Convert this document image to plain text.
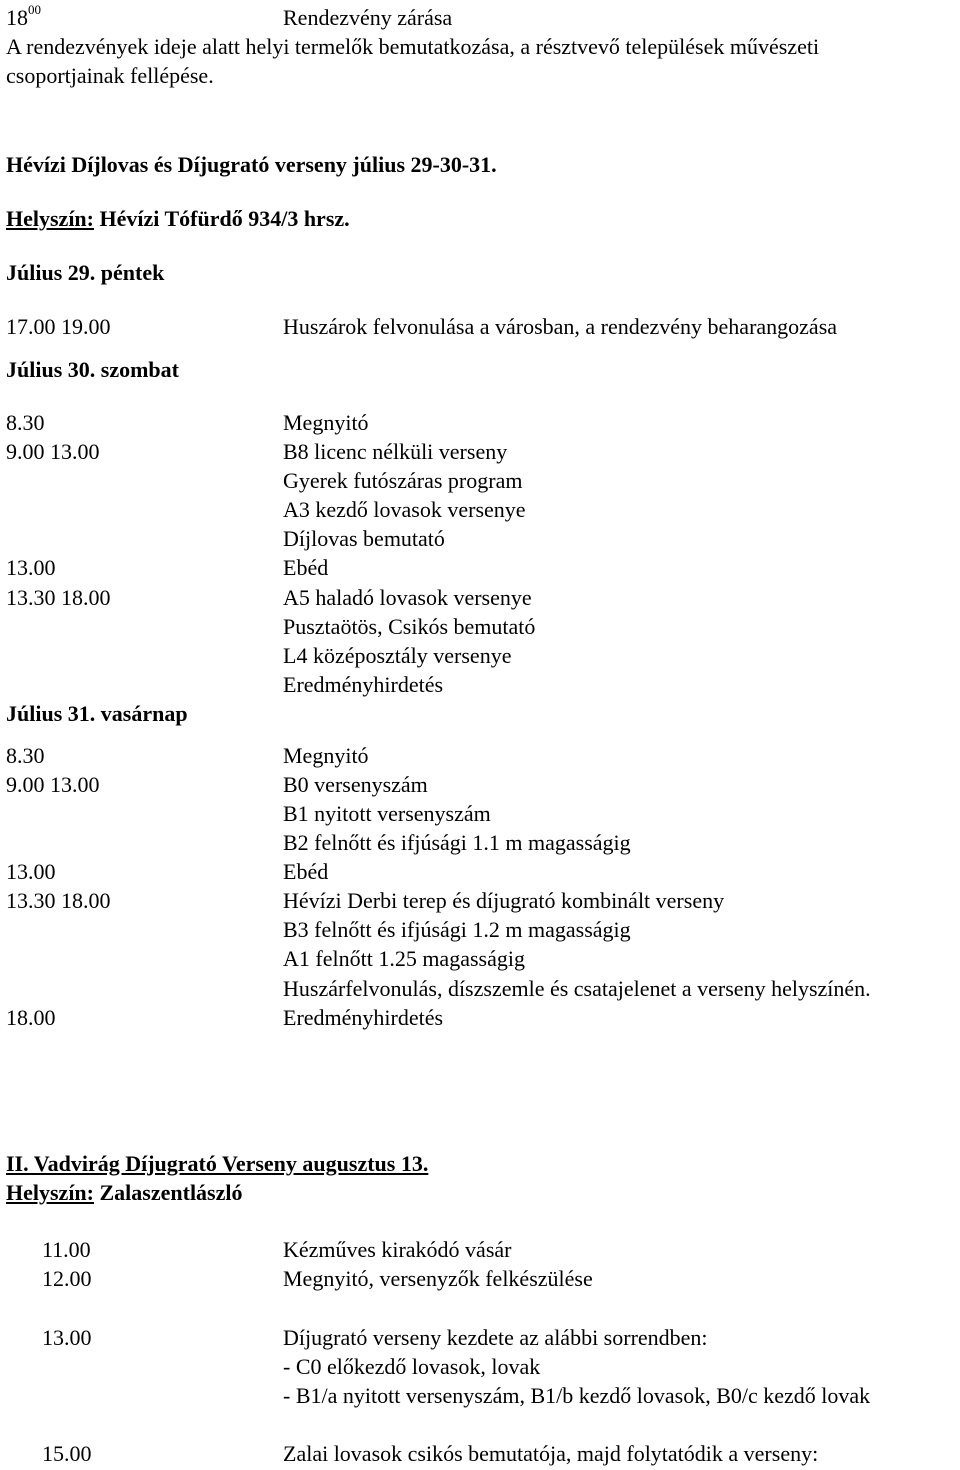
$18^{00}$	Rendezvény zárása
A rendezvények ideje alatt helyi termelők bemutatkozása, a résztvevő települések művészeti
csoportjainak fellépése.
Hévízi Díjlovas és Díjugrató verseny július 29-30-31.
Helyszín: Hévízi Tófürdő 934/3 hrsz.
Július 29. péntek
17.00 19.00	Huszárok felvonulása a városban, a rendezvény beharangozása
Július 30. szombat
8.30	Megnyitó
9.00 13.00	B8 licenc nélküli verseny
Gyerek futószáras program
A3 kezdő lovasok versenye
Díjlovas bemutató
13.00	Ebéd
13.30 18.00	A5 haladó lovasok versenye
Pusztaötös, Csikós bemutató
L4 középosztály versenye
Eredményhirdetés
Július 31. vasárnap
8.30	Megnyitó
9.00 13.00	B0 versenyszám
B1 nyitott versenyszám
B2 felnőtt és ifjúsági 1.1 m magasságig
13.00	Ebéd
13.30 18.00	Hévízi Derbi terep és díjugrató kombinált verseny
B3 felnőtt és ifjúsági 1.2 m magasságig
A1 felnőtt 1.25 magasságig
Huszárfelvonulás, díszszemle és csatajelenet a verseny helyszínén.
18.00	Eredményhirdetés
II. Vadvirág Díjugrató Verseny augusztus 13.
Helyszín: Zalaszentlászló
11.00	Kézműves kirakódó vásár
12.00	Megnyitó, versenyzők felkészülése
13.00	Díjugrató verseny kezdete az alábbi sorrendben:
- C0 előkezdő lovasok, lovak
- B1/a nyitott versenyszám, B1/b kezdő lovasok, B0/c kezdő lovak
15.00	Zalai lovasok csikós bemutatója, majd folytatódik a verseny:
